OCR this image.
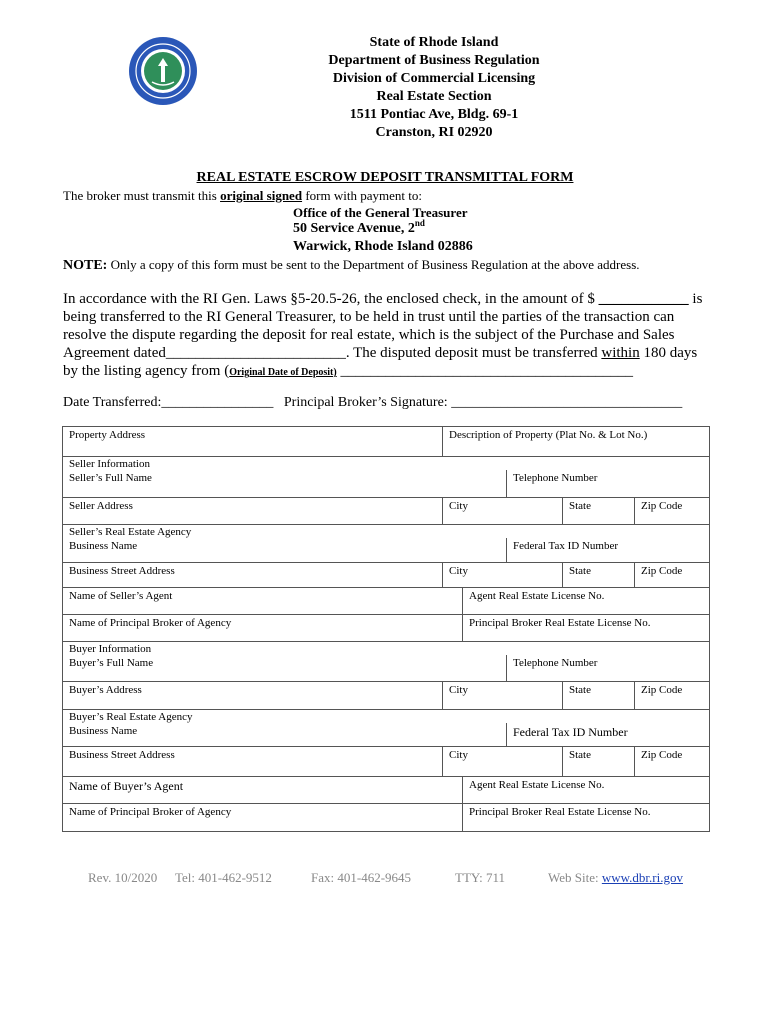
State of Rhode Island
Department of Business Regulation
Division of Commercial Licensing
Real Estate Section
1511 Pontiac Ave, Bldg. 69-1
Cranston, RI 02920
REAL ESTATE ESCROW DEPOSIT TRANSMITTAL FORM
The broker must transmit this original signed form with payment to:
Office of the General Treasurer
50 Service Avenue, 2nd
Warwick, Rhode Island 02886
NOTE: Only a copy of this form must be sent to the Department of Business Regulation at the above address.
In accordance with the RI Gen. Laws §5-20.5-26, the enclosed check, in the amount of $ ____________ is being transferred to the RI General Treasurer, to be held in trust until the parties of the transaction can resolve the dispute regarding the deposit for real estate, which is the subject of the Purchase and Sales Agreement dated________________________. The disputed deposit must be transferred within 180 days by the listing agency from (Original Date of Deposit) _______________________________________
Date Transferred:________________ Principal Broker’s Signature: _________________________________
Property Address	Description of Property (Plat No. & Lot No.)				
Seller Information					
Seller’s Full Name			Telephone Number		
Seller Address	City			State	Zip Code
Seller’s Real Estate Agency					
Business Name			Federal Tax ID Number		
Business Street Address	City			State	Zip Code
Name of Seller’s Agent		Agent Real Estate License No.			
Name of Principal Broker of Agency		Principal Broker Real Estate License No.			
Buyer Information					
Buyer’s Full Name			Telephone Number		
Buyer’s Address	City			State	Zip Code
Buyer’s Real Estate Agency					
Business Name			Federal Tax ID Number		
Business Street Address	City			State	Zip Code
Name of Buyer’s Agent		Agent Real Estate License No.			
Name of Principal Broker of Agency		Principal Broker Real Estate License No.			
Rev. 10/2020 Tel: 401-462-9512	Fax: 401-462-9645	TTY: 711	Web Site: www.dbr.ri.gov
